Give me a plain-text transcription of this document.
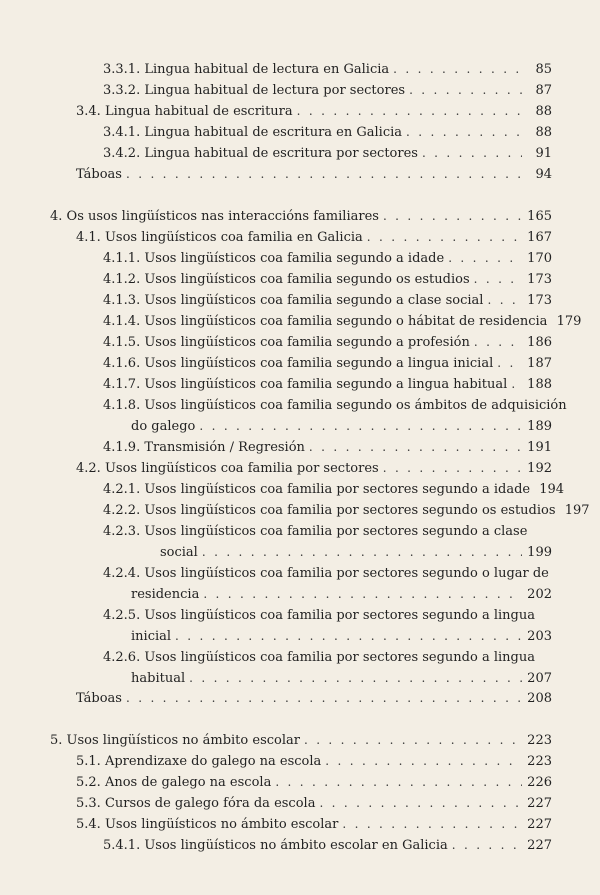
3.3.1. Lingua habitual de lectura en Galicia . . .	85
3.3.2. Lingua habitual de lectura por sectores . . .	87
3.4. Lingua habitual de escritura . . .	88
3.4.1. Lingua habitual de escritura en Galicia . . .	88
3.4.2. Lingua habitual de escritura por sectores . . .	91
Táboas . . .	94
4. Os usos lingüísticos nas interaccións familiares . . .	165
4.1. Usos lingüísticos coa familia en Galicia . . .	167
4.1.1. Usos lingüísticos coa familia segundo a idade . . .	170
4.1.2. Usos lingüísticos coa familia segundo os estudios . . .	173
4.1.3. Usos lingüísticos coa familia segundo a clase social . . .	173
4.1.4. Usos lingüísticos coa familia segundo o hábitat de residencia 179
4.1.5. Usos lingüísticos coa familia segundo a profesión . . .	186
4.1.6. Usos lingüísticos coa familia segundo a lingua inicial . . .	187
4.1.7. Usos lingüísticos coa familia segundo a lingua habitual . . . 188
4.1.8. Usos lingüísticos coa familia segundo os ámbitos de adquisición
do galego . . .	189
4.1.9. Transmisión / Regresión . . .	191
4.2. Usos lingüísticos coa familia por sectores . . .	192
4.2.1. Usos lingüísticos coa familia por sectores segundo a idade 194
4.2.2. Usos lingüísticos coa familia por sectores segundo os estudios 197
4.2.3. Usos lingüísticos coa familia por sectores segundo a clase
social . . .	199
4.2.4. Usos lingüísticos coa familia por sectores segundo o lugar de
residencia . . .	202
4.2.5. Usos lingüísticos coa familia por sectores segundo a lingua
inicial . . .	203
4.2.6. Usos lingüísticos coa familia por sectores segundo a lingua
habitual . . .	207
Táboas . . .	208
5. Usos lingüísticos no ámbito escolar . . .	223
5.1. Aprendizaxe do galego na escola . . .	223
5.2. Anos de galego na escola . . .	226
5.3. Cursos de galego fóra da escola . . .	227
5.4. Usos lingüísticos no ámbito escolar . . .	227
5.4.1. Usos lingüísticos no ámbito escolar en Galicia . . .	227
